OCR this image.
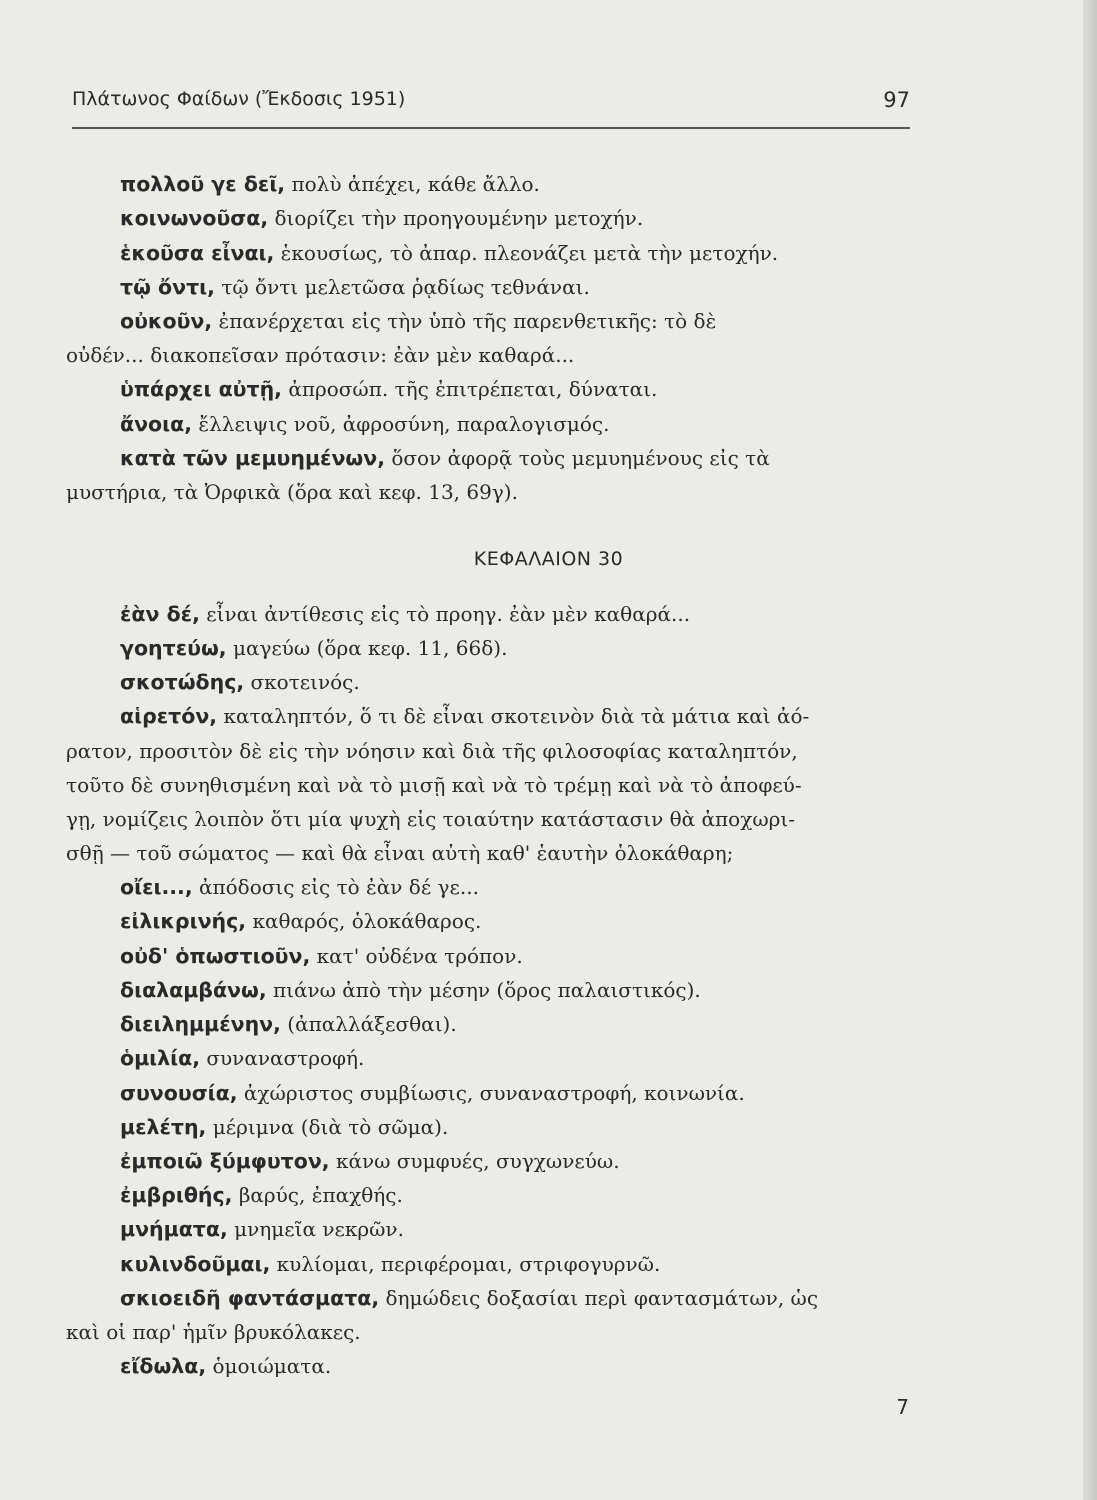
Πλάτωνος Φαίδων (Ἔκδοσις 1951)	97
πολλοῦ γε δεῖ, πολὺ ἀπέχει, κάθε ἄλλο.
κοινωνοῦσα, διορίζει τὴν προηγουμένην μετοχήν.
ἑκοῦσα εἶναι, ἑκουσίως, τὸ ἀπαρ. πλεονάζει μετὰ τὴν μετοχήν.
τῷ ὄντι, τῷ ὄντι μελετῶσα ῥᾳδίως τεθνάναι.
οὐκοῦν, ἐπανέρχεται εἰς τὴν ὑπὸ τῆς παρενθετικῆς: τὸ δὲ
οὐδέν... διακοπεῖσαν πρότασιν: ἐὰν μὲν καθαρά...
ὑπάρχει αὐτῇ, ἀπροσώπ. τῆς ἐπιτρέπεται, δύναται.
ἄνοια, ἔλλειψις νοῦ, ἀφροσύνη, παραλογισμός.
κατὰ τῶν μεμυημένων, ὅσον ἀφορᾷ τοὺς μεμυημένους εἰς τὰ
μυστήρια, τὰ Ὀρφικὰ (ὅρα καὶ κεφ. 13, 69γ).
ΚΕΦΑΛΑΙΟΝ 30
ἐὰν δέ, εἶναι ἀντίθεσις εἰς τὸ προηγ. ἐὰν μὲν καθαρά...
γοητεύω, μαγεύω (ὅρα κεφ. 11, 66δ).
σκοτώδης, σκοτεινός.
αἱρετόν, καταληπτόν, ὅ τι δὲ εἶναι σκοτεινὸν διὰ τὰ μάτια καὶ ἀό-
ρατον, προσιτὸν δὲ εἰς τὴν νόησιν καὶ διὰ τῆς φιλοσοφίας καταληπτόν,
τοῦτο δὲ συνηθισμένη καὶ νὰ τὸ μισῇ καὶ νὰ τὸ τρέμῃ καὶ νὰ τὸ ἀποφεύ-
γῃ, νομίζεις λοιπὸν ὅτι μία ψυχὴ εἰς τοιαύτην κατάστασιν θὰ ἀποχωρι-
σθῇ — τοῦ σώματος — καὶ θὰ εἶναι αὐτὴ καθ' ἑαυτὴν ὁλοκάθαρη;
οἴει..., ἀπόδοσις εἰς τὸ ἐὰν δέ γε...
εἰλικρινής, καθαρός, ὁλοκάθαρος.
οὐδ' ὁπωστιοῦν, κατ' οὐδένα τρόπον.
διαλαμβάνω, πιάνω ἀπὸ τὴν μέσην (ὅρος παλαιστικός).
διειλημμένην, (ἀπαλλάξεσθαι).
ὁμιλία, συναναστροφή.
συνουσία, ἀχώριστος συμβίωσις, συναναστροφή, κοινωνία.
μελέτη, μέριμνα (διὰ τὸ σῶμα).
ἐμποιῶ ξύμφυτον, κάνω συμφυές, συγχωνεύω.
ἐμβριθής, βαρύς, ἐπαχθής.
μνήματα, μνημεῖα νεκρῶν.
κυλινδοῦμαι, κυλίομαι, περιφέρομαι, στριφογυρνῶ.
σκιοειδῆ φαντάσματα, δημώδεις δοξασίαι περὶ φαντασμάτων, ὡς
καὶ οἱ παρ' ἡμῖν βρυκόλακες.
εἴδωλα, ὁμοιώματα.
7
